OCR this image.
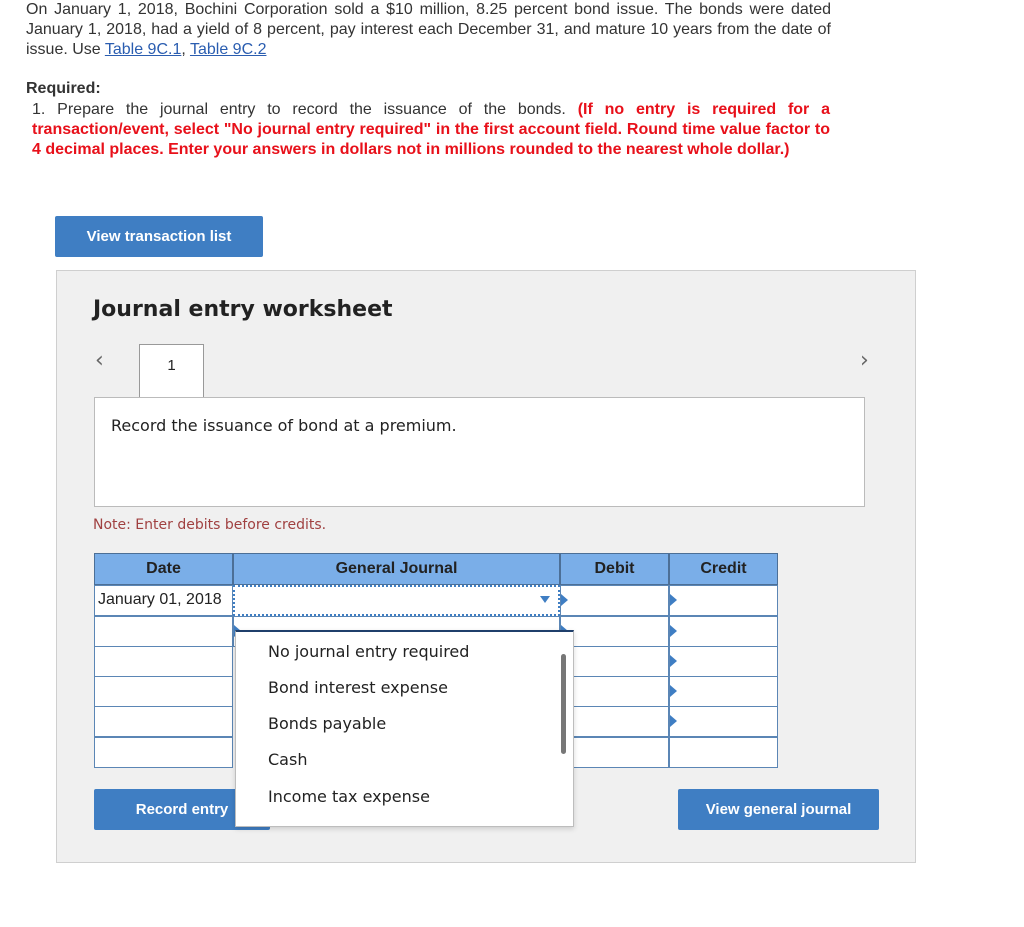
On January 1, 2018, Bochini Corporation sold a $10 million, 8.25 percent bond issue. The bonds were dated January 1, 2018, had a yield of 8 percent, pay interest each December 31, and mature 10 years from the date of issue. Use Table 9C.1, Table 9C.2
Required:
1. Prepare the journal entry to record the issuance of the bonds. (If no entry is required for a transaction/event, select "No journal entry required" in the first account field. Round time value factor to 4 decimal places. Enter your answers in dollars not in millions rounded to the nearest whole dollar.)
View transaction list
Journal entry worksheet
‹	›
1
Record the issuance of bond at a premium.
Note: Enter debits before credits.
Date	General Journal	Debit	Credit
January 01, 2018
Record entry	View general journal
No journal entry required
Bond interest expense
Bonds payable
Cash
Income tax expense
